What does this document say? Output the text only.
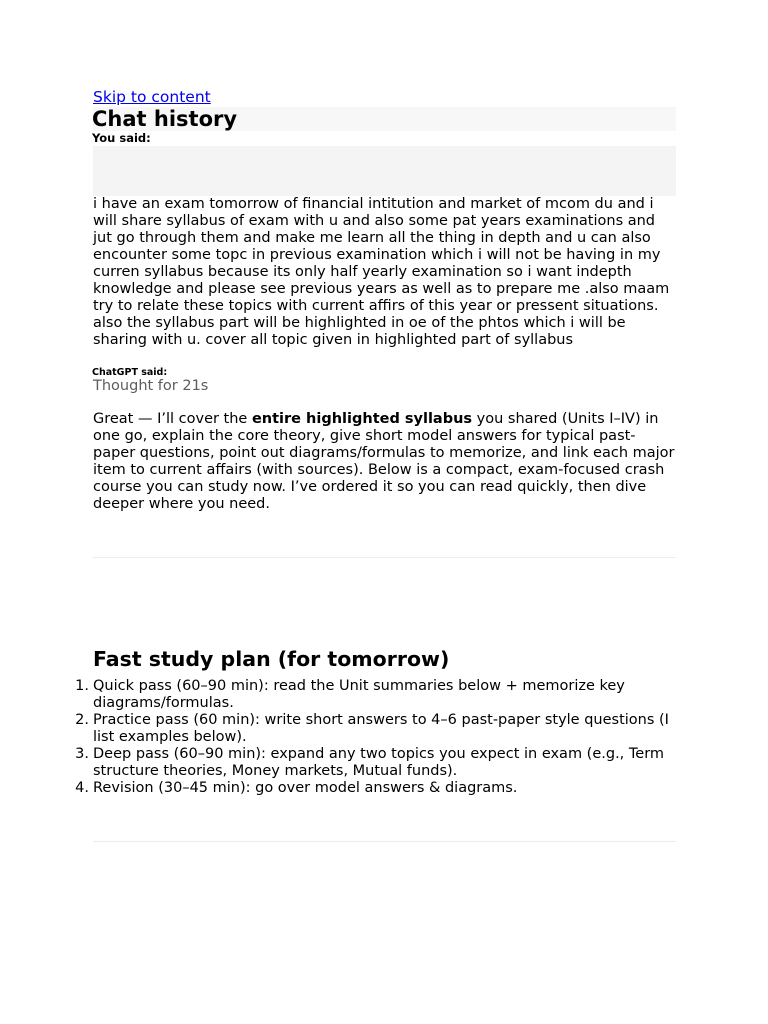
Skip to content
Chat history
You said:
i have an exam tomorrow of financial intitution and market of mcom du and i will share syllabus of exam with u and also some pat years examinations and jut go through them and make me learn all the thing in depth and u can also encounter some topc in previous examination which i will not be having in my curren syllabus because its only half yearly examination so i want indepth knowledge and please see previous years as well as to prepare me .also maam try to relate these topics with current affirs of this year or pressent situations. also the syllabus part will be highlighted in oe of the phtos which i will be sharing with u. cover all topic given in highlighted part of syllabus
ChatGPT said:
Thought for 21s
Great — I’ll cover the entire highlighted syllabus you shared (Units I–IV) in one go, explain the core theory, give short model answers for typical past-paper questions, point out diagrams/formulas to memorize, and link each major item to current affairs (with sources). Below is a compact, exam-focused crash course you can study now. I’ve ordered it so you can read quickly, then dive deeper where you need.
Fast study plan (for tomorrow)
1. Quick pass (60–90 min): read the Unit summaries below + memorize key diagrams/formulas.
2. Practice pass (60 min): write short answers to 4–6 past-paper style questions (I list examples below).
3. Deep pass (60–90 min): expand any two topics you expect in exam (e.g., Term structure theories, Money markets, Mutual funds).
4. Revision (30–45 min): go over model answers & diagrams.
